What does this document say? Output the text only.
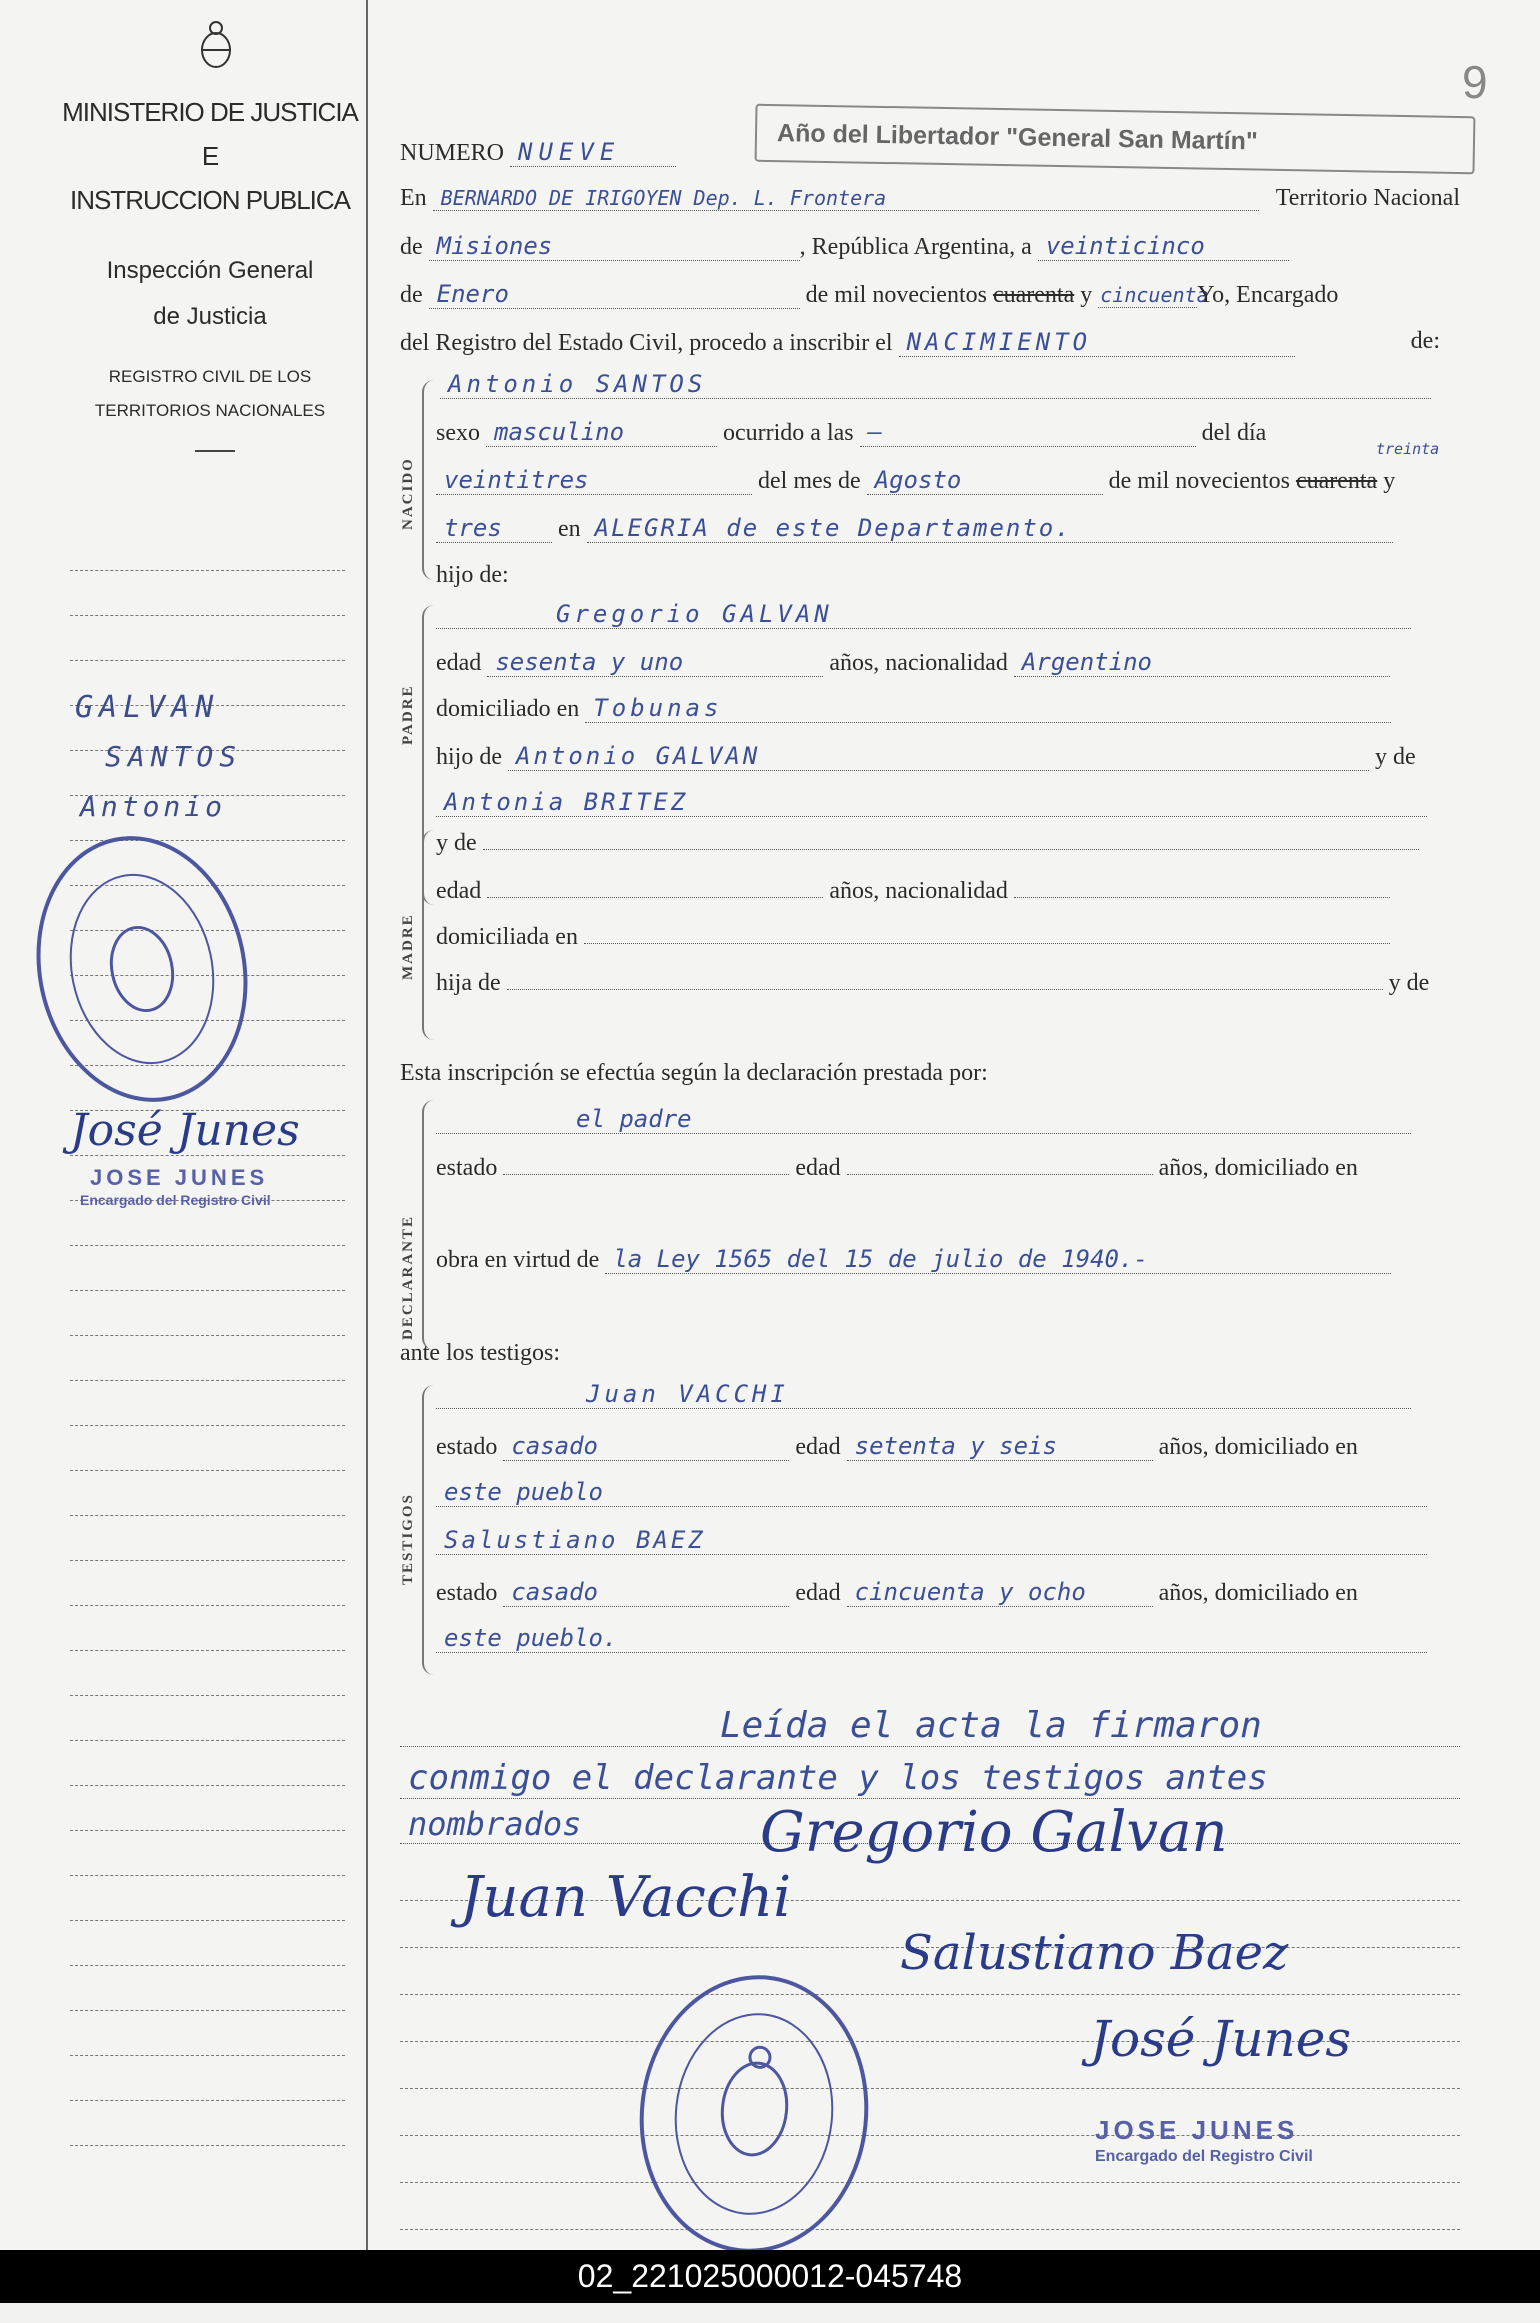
MINISTERIO DE JUSTICIA
E
INSTRUCCION PUBLICA
Inspección General
de Justicia
REGISTRO CIVIL DE LOS
TERRITORIOS NACIONALES
GALVAN
SANTOS
Antonio
José Junes
JOSE JUNES
Encargado del Registro Civil
Año del Libertador "General San Martín"
9
NUMERO NUEVE
En BERNARDO DE IRIGOYEN Dep. L. Frontera	Territorio Nacional
de Misiones	, República Argentina, a veinticinco
de Enero	de mil novecientos cuarenta y cincuentaYo, Encargado
del Registro del Estado Civil, procedo a inscribir el NACIMIENTO	de:
NACIDO
Antonio SANTOS
sexo masculino	ocurrido a las —	del día
veintitres	del mes de Agosto	de mil novecientos cuarenta y
treinta
tres en ALEGRIA de este Departamento.
hijo de:
PADRE
Gregorio GALVAN
edad sesenta y uno	años, nacionalidad Argentino
domiciliado en Tobunas
hijo de Antonio GALVAN	y de
Antonia BRITEZ
MADRE
y de
edad	años, nacionalidad
domiciliada en
hija de	y de
Esta inscripción se efectúa según la declaración prestada por:
DECLARANTE
el padre
estado	edad	años, domiciliado en
obra en virtud de la Ley 1565 del 15 de julio de 1940.-
ante los testigos:
TESTIGOS
Juan VACCHI
estado casado	edad setenta y seis	años, domiciliado en
este pueblo
Salustiano BAEZ
estado casado	edad cincuenta y ocho	años, domiciliado en
este pueblo.
Leída el acta la firmaron
conmigo el declarante y los testigos antes
nombrados	Gregorio Galvan
Juan Vacchi
Salustiano Baez
José Junes
JOSE JUNES
Encargado del Registro Civil
02_221025000012-045748
